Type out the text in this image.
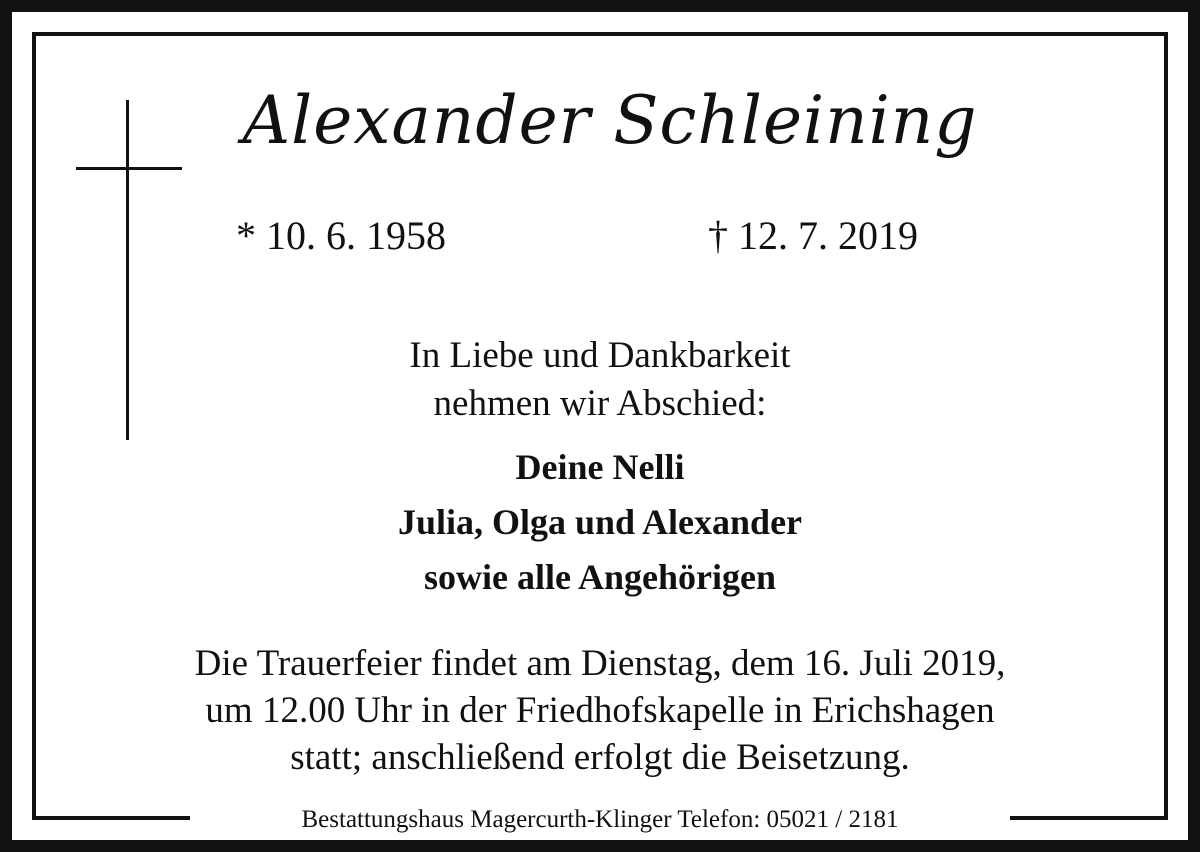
Alexander Schleining
* 10. 6. 1958	† 12. 7. 2019
In Liebe und Dankbarkeit
nehmen wir Abschied:
Deine Nelli
Julia, Olga und Alexander
sowie alle Angehörigen
Die Trauerfeier findet am Dienstag, dem 16. Juli 2019,
um 12.00 Uhr in der Friedhofskapelle in Erichshagen
statt; anschließend erfolgt die Beisetzung.
Bestattungshaus Magercurth-Klinger Telefon: 05021 / 2181
